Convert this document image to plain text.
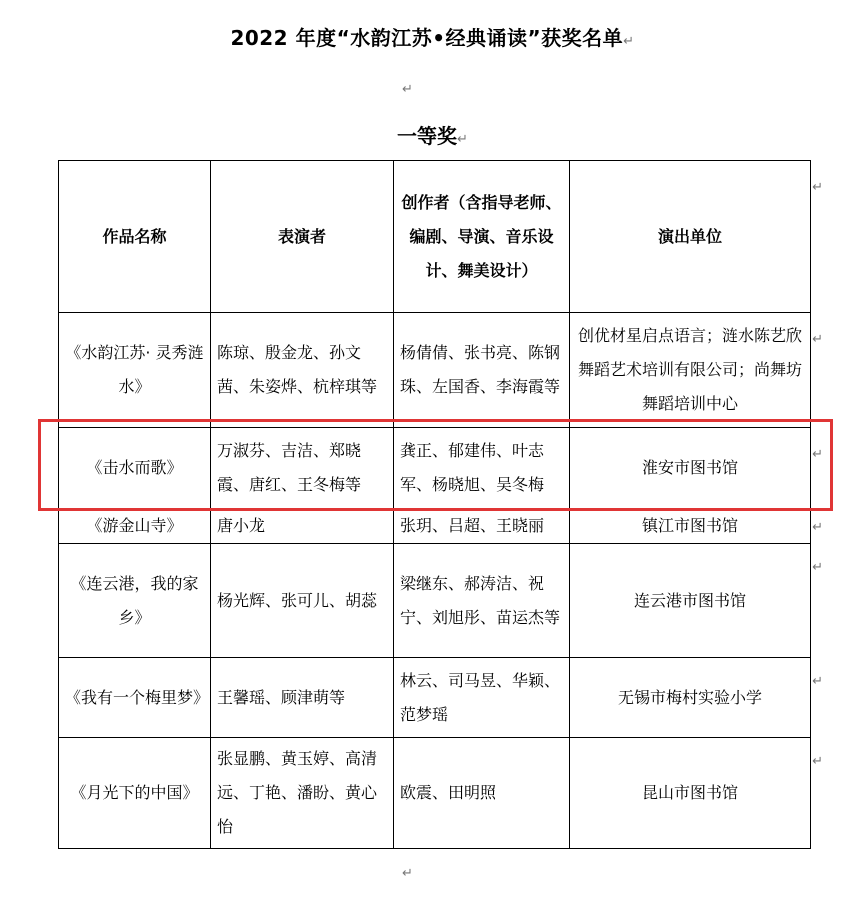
2022 年度“水韵江苏•经典诵读”获奖名单↵
↵
一等奖↵
作品名称	表演者	创作者（含指导老师、编剧、导演、音乐设计、舞美设计）	演出单位
《水韵江苏· 灵秀涟水》	陈琼、殷金龙、孙文茜、朱姿烨、杭梓琪等	杨倩倩、张书亮、陈钢珠、左国香、李海霞等	创优材星启点语言；涟水陈艺欣舞蹈艺术培训有限公司；尚舞坊舞蹈培训中心
《击水而歌》	万淑芬、吉洁、郑晓霞、唐红、王冬梅等	龚正、郁建伟、叶志军、杨晓旭、吴冬梅	淮安市图书馆
《游金山寺》	唐小龙	张玥、吕超、王晓丽	镇江市图书馆
《连云港，我的家乡》	杨光辉、张可儿、胡蕊	梁继东、郝涛洁、祝宁、刘旭彤、苗运杰等	连云港市图书馆
《我有一个梅里梦》	王馨瑶、顾津萌等	林云、司马昱、华颖、范梦瑶	无锡市梅村实验小学
《月光下的中国》	张显鹏、黄玉婷、高清远、丁艳、潘盼、黄心怡	欧震、田明照	昆山市图书馆
↵
↵
↵
↵
↵
↵
↵
↵
